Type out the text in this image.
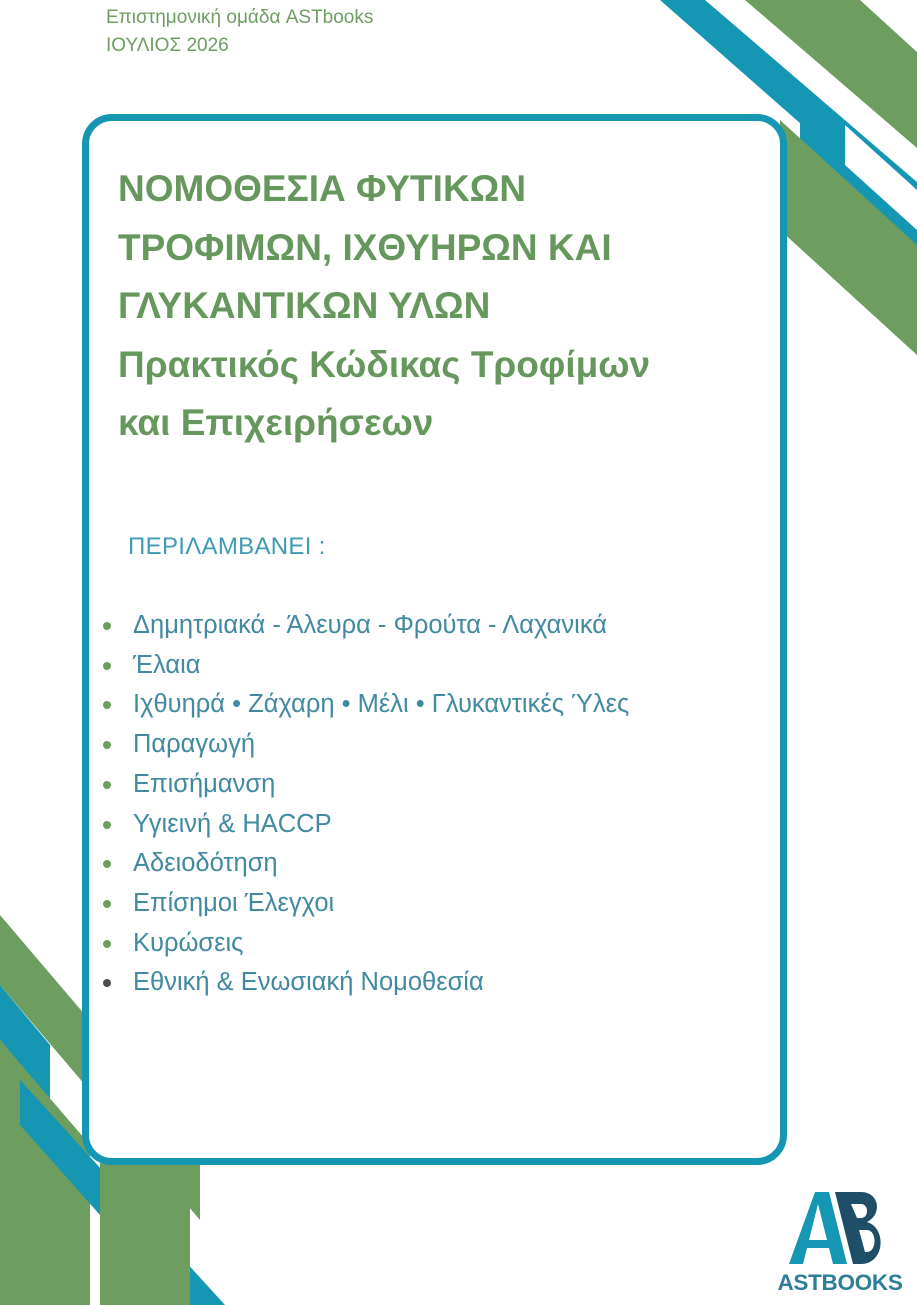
Επιστημονική ομάδα ASTbooks
ΙΟΥΛΙΟΣ 2026
ΝΟΜΟΘΕΣΙΑ ΦΥΤΙΚΩΝ
ΤΡΟΦΙΜΩΝ, ΙΧΘΥΗΡΩΝ ΚΑΙ
ΓΛΥΚΑΝΤΙΚΩΝ ΥΛΩΝ
Πρακτικός Κώδικας Τροφίμων
και Επιχειρήσεων
ΠΕΡΙΛΑΜΒΑΝΕΙ :
Δημητριακά - Άλευρα - Φρούτα - Λαχανικά
Έλαια
Ιχθυηρά • Ζάχαρη • Μέλι • Γλυκαντικές Ύλες
Παραγωγή
Επισήμανση
Υγιεινή & HACCP
Αδειοδότηση
Επίσημοι Έλεγχοι
Κυρώσεις
Εθνική & Ενωσιακή Νομοθεσία
ASTBOOKS
